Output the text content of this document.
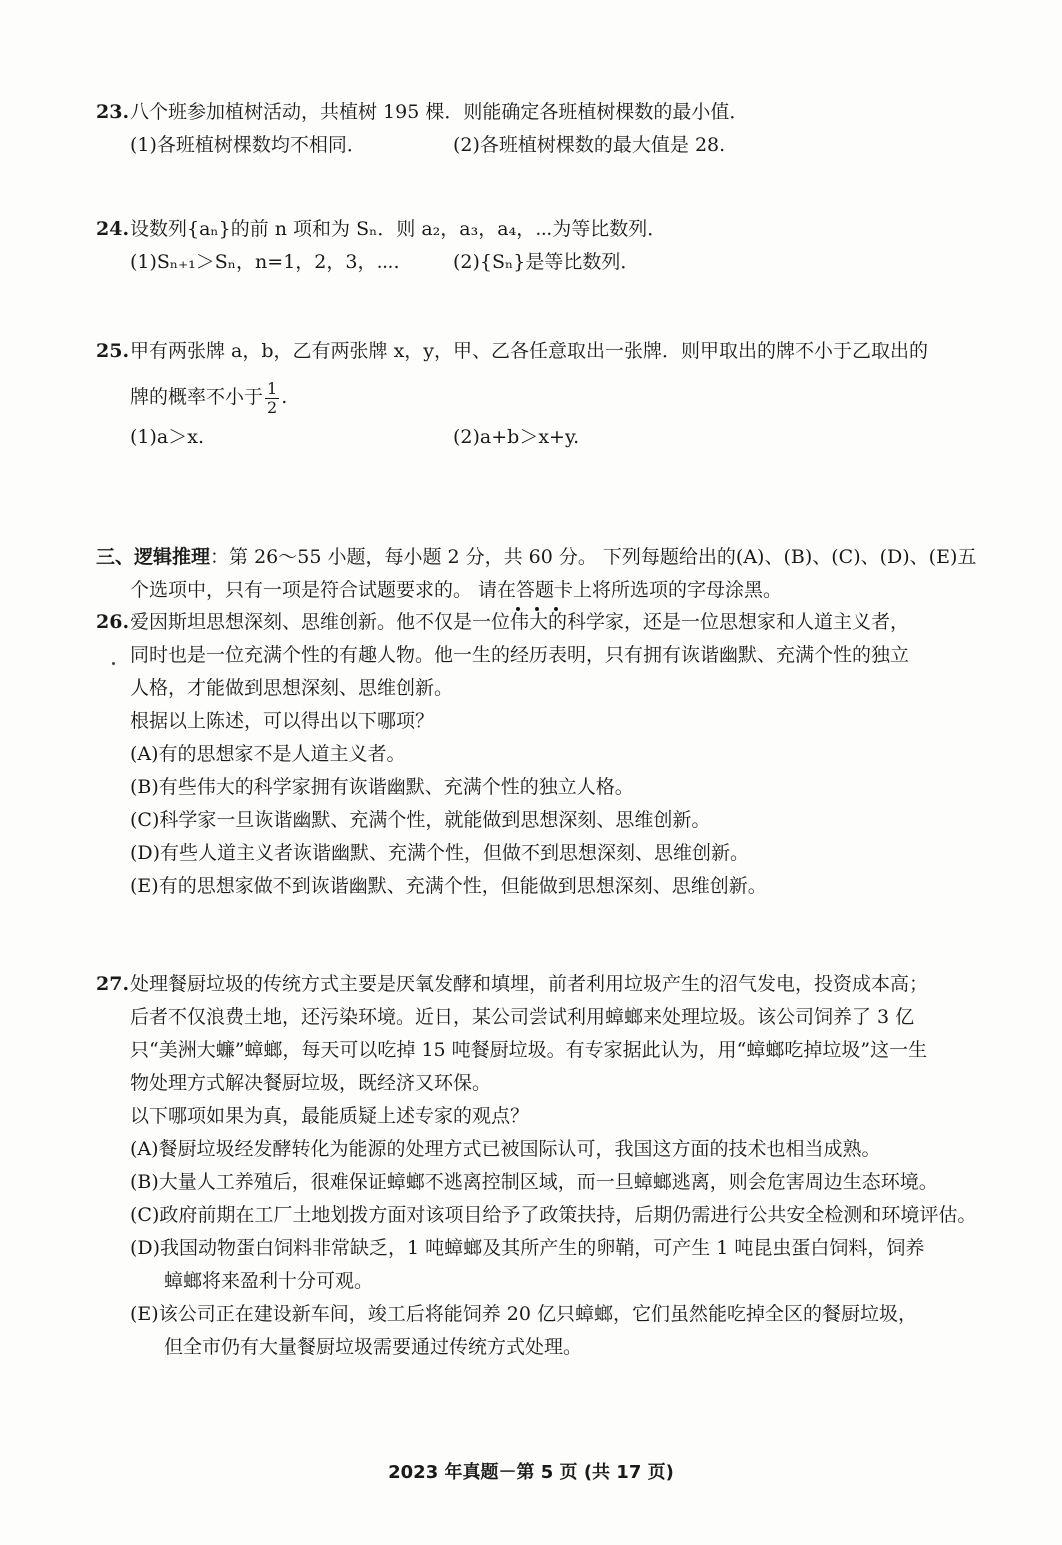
23.八个班参加植树活动，共植树 195 棵．则能确定各班植树棵数的最小值．
(1)各班植树棵数均不相同．	(2)各班植树棵数的最大值是 28.
24.设数列{aₙ}的前 n 项和为 Sₙ．则 a₂，a₃，a₄，⋯为等比数列．
(1)Sₙ₊₁＞Sₙ，n=1，2，3，⋯.	(2){Sₙ}是等比数列．
25.甲有两张牌 a，b，乙有两张牌 x，y，甲、乙各任意取出一张牌．则甲取出的牌不小于乙取出的
牌的概率不小于 $\frac{1}{2}$ .
(1)a＞x.	(2)a+b＞x+y.
三、逻辑推理：第 26～55 小题，每小题 2 分，共 60 分。 下列每题给出的(A)、(B)、(C)、(D)、(E)五
个选项中，只有一项是符合试题要求的。 请在答题卡上将所选项的字母涂黑。
26.爱因斯坦思想深刻、思维创新。他不仅是一位
伟大的科学家，还是一位思想家和人道主义者，
同时也是一位充满个性的有趣人物。他一生的经历表明，只有拥有诙谐幽默、充满个性的独立
人格，才能做到思想深刻、思维创新。
根据以上陈述，可以得出以下哪项？
(A)有的思想家不是人道主义者。
(B)有些伟大的科学家拥有诙谐幽默、充满个性的独立人格。
(C)科学家一旦诙谐幽默、充满个性，就能做到思想深刻、思维创新。
(D)有些人道主义者诙谐幽默、充满个性，但做不到思想深刻、思维创新。
(E)有的思想家做不到诙谐幽默、充满个性，但能做到思想深刻、思维创新。
27.处理餐厨垃圾的传统方式主要是厌氧发酵和填埋，前者利用垃圾产生的沼气发电，投资成本高；
后者不仅浪费土地，还污染环境。近日，某公司尝试利用蟑螂来处理垃圾。该公司饲养了 3 亿
只“美洲大蠊”蟑螂，每天可以吃掉 15 吨餐厨垃圾。有专家据此认为，用“蟑螂吃掉垃圾”这一生
物处理方式解决餐厨垃圾，既经济又环保。
以下哪项如果为真，最能质疑上述专家的观点？
(A)餐厨垃圾经发酵转化为能源的处理方式已被国际认可，我国这方面的技术也相当成熟。
(B)大量人工养殖后，很难保证蟑螂不逃离控制区域，而一旦蟑螂逃离，则会危害周边生态环境。
(C)政府前期在工厂土地划拨方面对该项目给予了政策扶持，后期仍需进行公共安全检测和环境评估。
(D)我国动物蛋白饲料非常缺乏，1 吨蟑螂及其所产生的卵鞘，可产生 1 吨昆虫蛋白饲料，饲养
蟑螂将来盈利十分可观。
(E)该公司正在建设新车间，竣工后将能饲养 20 亿只蟑螂，它们虽然能吃掉全区的餐厨垃圾，
但全市仍有大量餐厨垃圾需要通过传统方式处理。
2023 年真题－第 5 页 (共 17 页)
